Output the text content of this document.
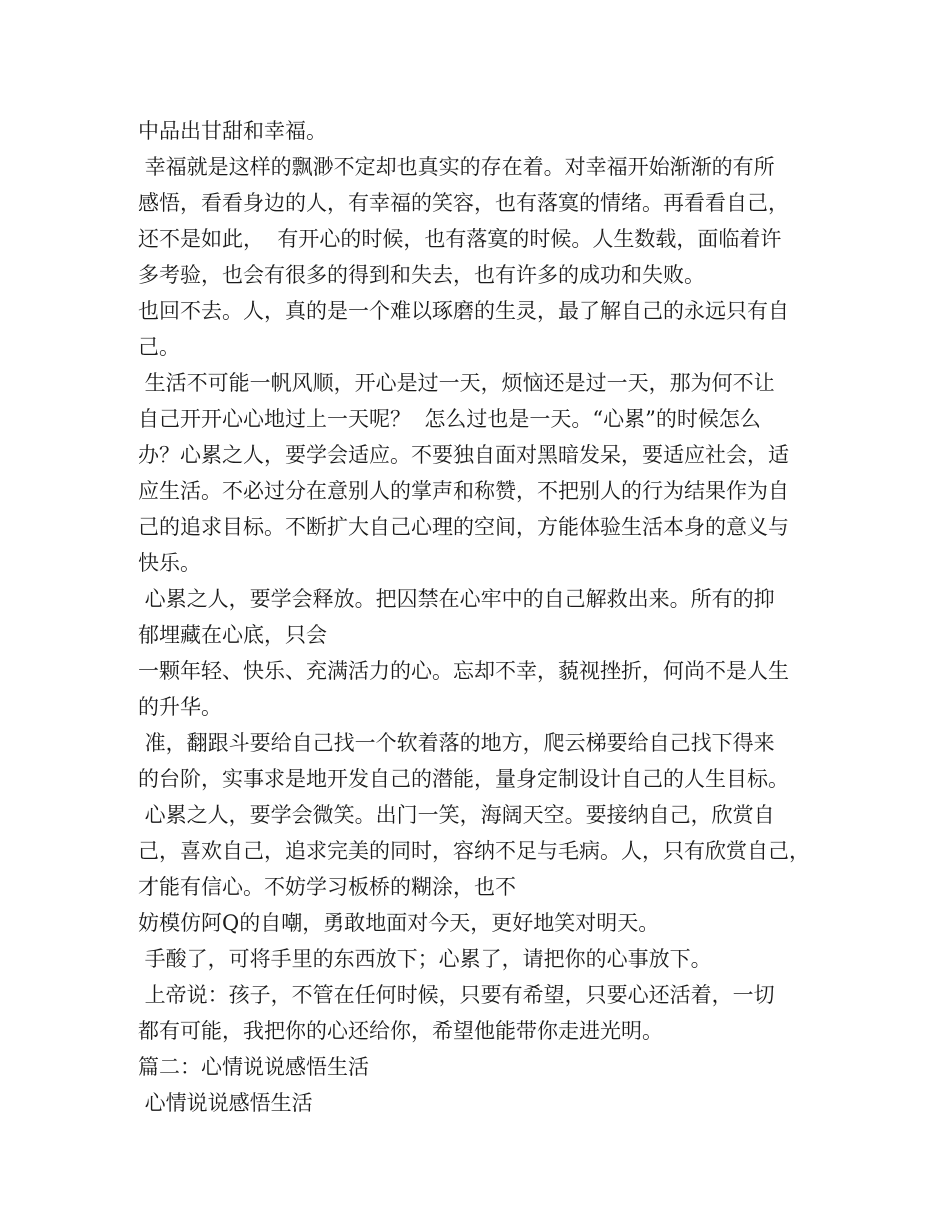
中品出甘甜和幸福。

幸福就是这样的飘渺不定却也真实的存在着。对幸福开始渐渐的有所

感悟，看看身边的人，有幸福的笑容，也有落寞的情绪。再看看自己，

还不是如此，  有开心的时候，也有落寞的时候。人生数载，面临着许

多考验，也会有很多的得到和失去，也有许多的成功和失败。

也回不去。人，真的是一个难以琢磨的生灵，最了解自己的永远只有自

己。

生活不可能一帆风顺，开心是过一天，烦恼还是过一天，那为何不让

自己开开心心地过上一天呢？  怎么过也是一天。“心累”的时候怎么

办？心累之人，要学会适应。不要独自面对黑暗发呆，要适应社会，适

应生活。不必过分在意别人的掌声和称赞，不把别人的行为结果作为自

己的追求目标。不断扩大自己心理的空间，方能体验生活本身的意义与

快乐。

心累之人，要学会释放。把囚禁在心牢中的自己解救出来。所有的抑

郁埋藏在心底，只会

一颗年轻、快乐、充满活力的心。忘却不幸，藐视挫折，何尚不是人生

的升华。

准，翻跟斗要给自己找一个软着落的地方，爬云梯要给自己找下得来

的台阶，实事求是地开发自己的潜能，量身定制设计自己的人生目标。

心累之人，要学会微笑。出门一笑，海阔天空。要接纳自己，欣赏自

己，喜欢自己，追求完美的同时，容纳不足与毛病。人，只有欣赏自己，

才能有信心。不妨学习板桥的糊涂，也不

妨模仿阿Q的自嘲，勇敢地面对今天，更好地笑对明天。

手酸了，可将手里的东西放下；心累了，请把你的心事放下。

上帝说：孩子，不管在任何时候，只要有希望，只要心还活着，一切

都有可能，我把你的心还给你，希望他能带你走进光明。

篇二：心情说说感悟生活

心情说说感悟生活
